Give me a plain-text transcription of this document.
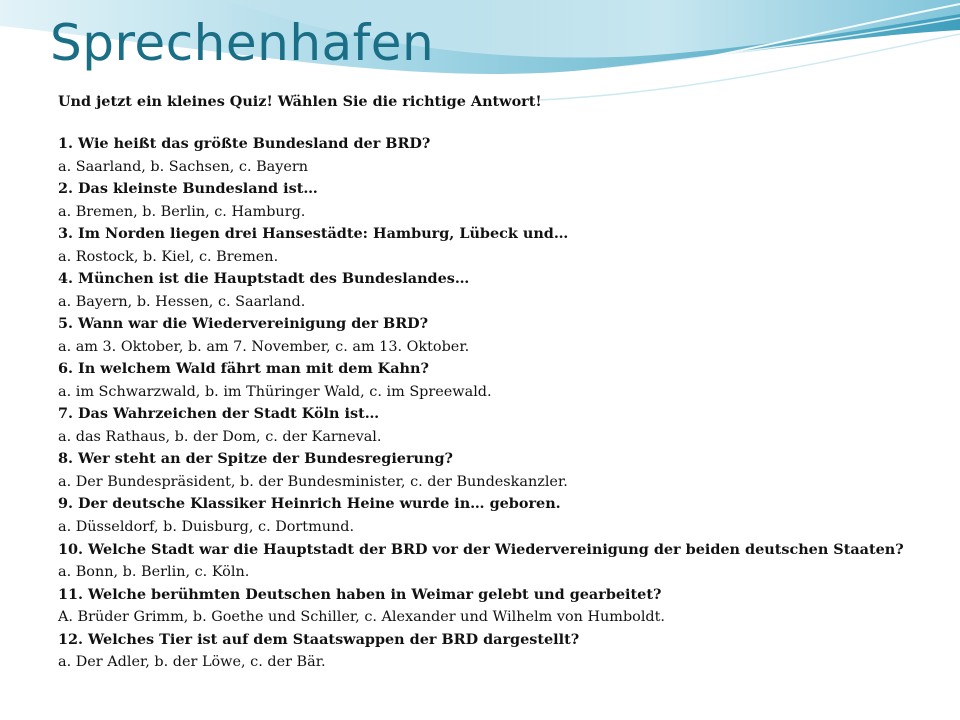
Sprechenhafen
Und jetzt ein kleines Quiz! Wählen Sie die richtige Antwort!
1. Wie heißt das größte Bundesland der BRD?
a. Saarland, b. Sachsen, c. Bayern
2. Das kleinste Bundesland ist…
a. Bremen, b. Berlin, c. Hamburg.
3. Im Norden liegen drei Hansestädte: Hamburg, Lübeck und…
a. Rostock, b. Kiel, c. Bremen.
4. München ist die Hauptstadt des Bundeslandes…
a. Bayern, b. Hessen, c. Saarland.
5. Wann war die Wiedervereinigung der BRD?
a. am 3. Oktober, b. am 7. November, c. am 13. Oktober.
6. In welchem Wald fährt man mit dem Kahn?
a. im Schwarzwald, b. im Thüringer Wald, c. im Spreewald.
7. Das Wahrzeichen der Stadt Köln ist…
a. das Rathaus, b. der Dom, c. der Karneval.
8. Wer steht an der Spitze der Bundesregierung?
a. Der Bundespräsident, b. der Bundesminister, c. der Bundeskanzler.
9. Der deutsche Klassiker Heinrich Heine wurde in… geboren.
a. Düsseldorf, b. Duisburg, c. Dortmund.
10. Welche Stadt war die Hauptstadt der BRD vor der Wiedervereinigung der beiden deutschen Staaten?
a. Bonn, b. Berlin, c. Köln.
11. Welche berühmten Deutschen haben in Weimar gelebt und gearbeitet?
A. Brüder Grimm, b. Goethe und Schiller, c. Alexander und Wilhelm von Humboldt.
12. Welches Tier ist auf dem Staatswappen der BRD dargestellt?
a. Der Adler, b. der Löwe, c. der Bär.
